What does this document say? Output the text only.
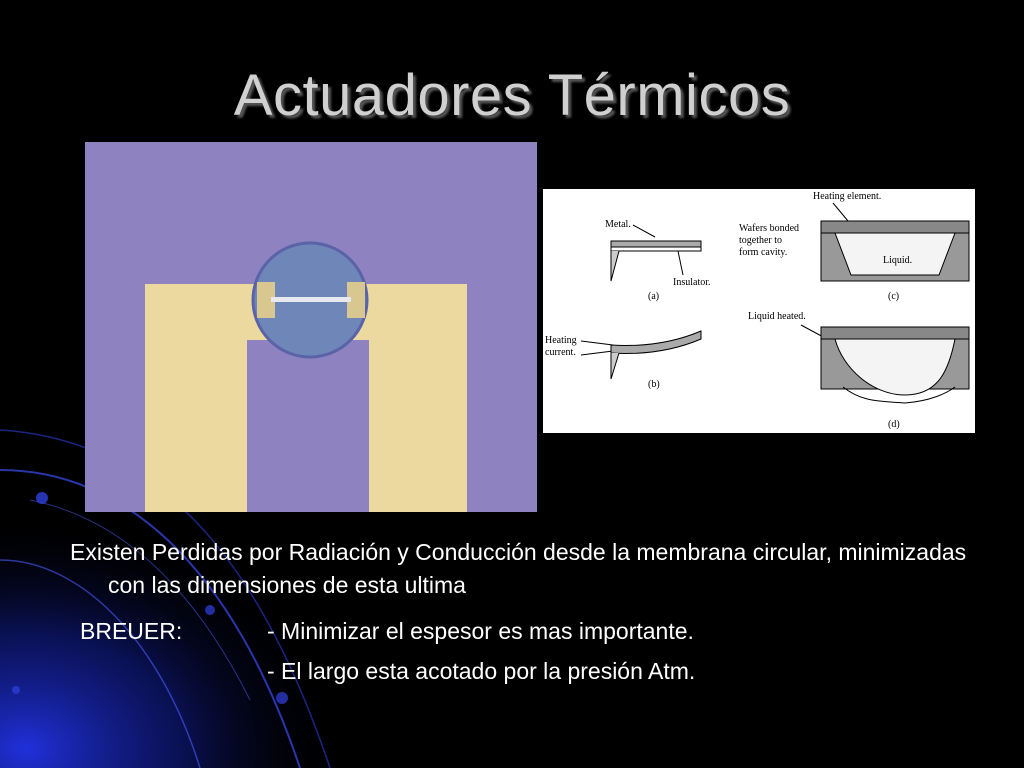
Actuadores Térmicos
Metal.
Insulator.
(a)
Heating
current.
(b)
Heating element.
Wafers bonded
together to
form cavity.
Liquid.
(c)
Liquid heated.
(d)

Existen Perdidas por Radiación y Conducción desde la membrana circular, minimizadas con las dimensiones de esta ultima

BREUER:	- Minimizar el espesor es mas importante.
- El largo esta acotado por la presión Atm.
